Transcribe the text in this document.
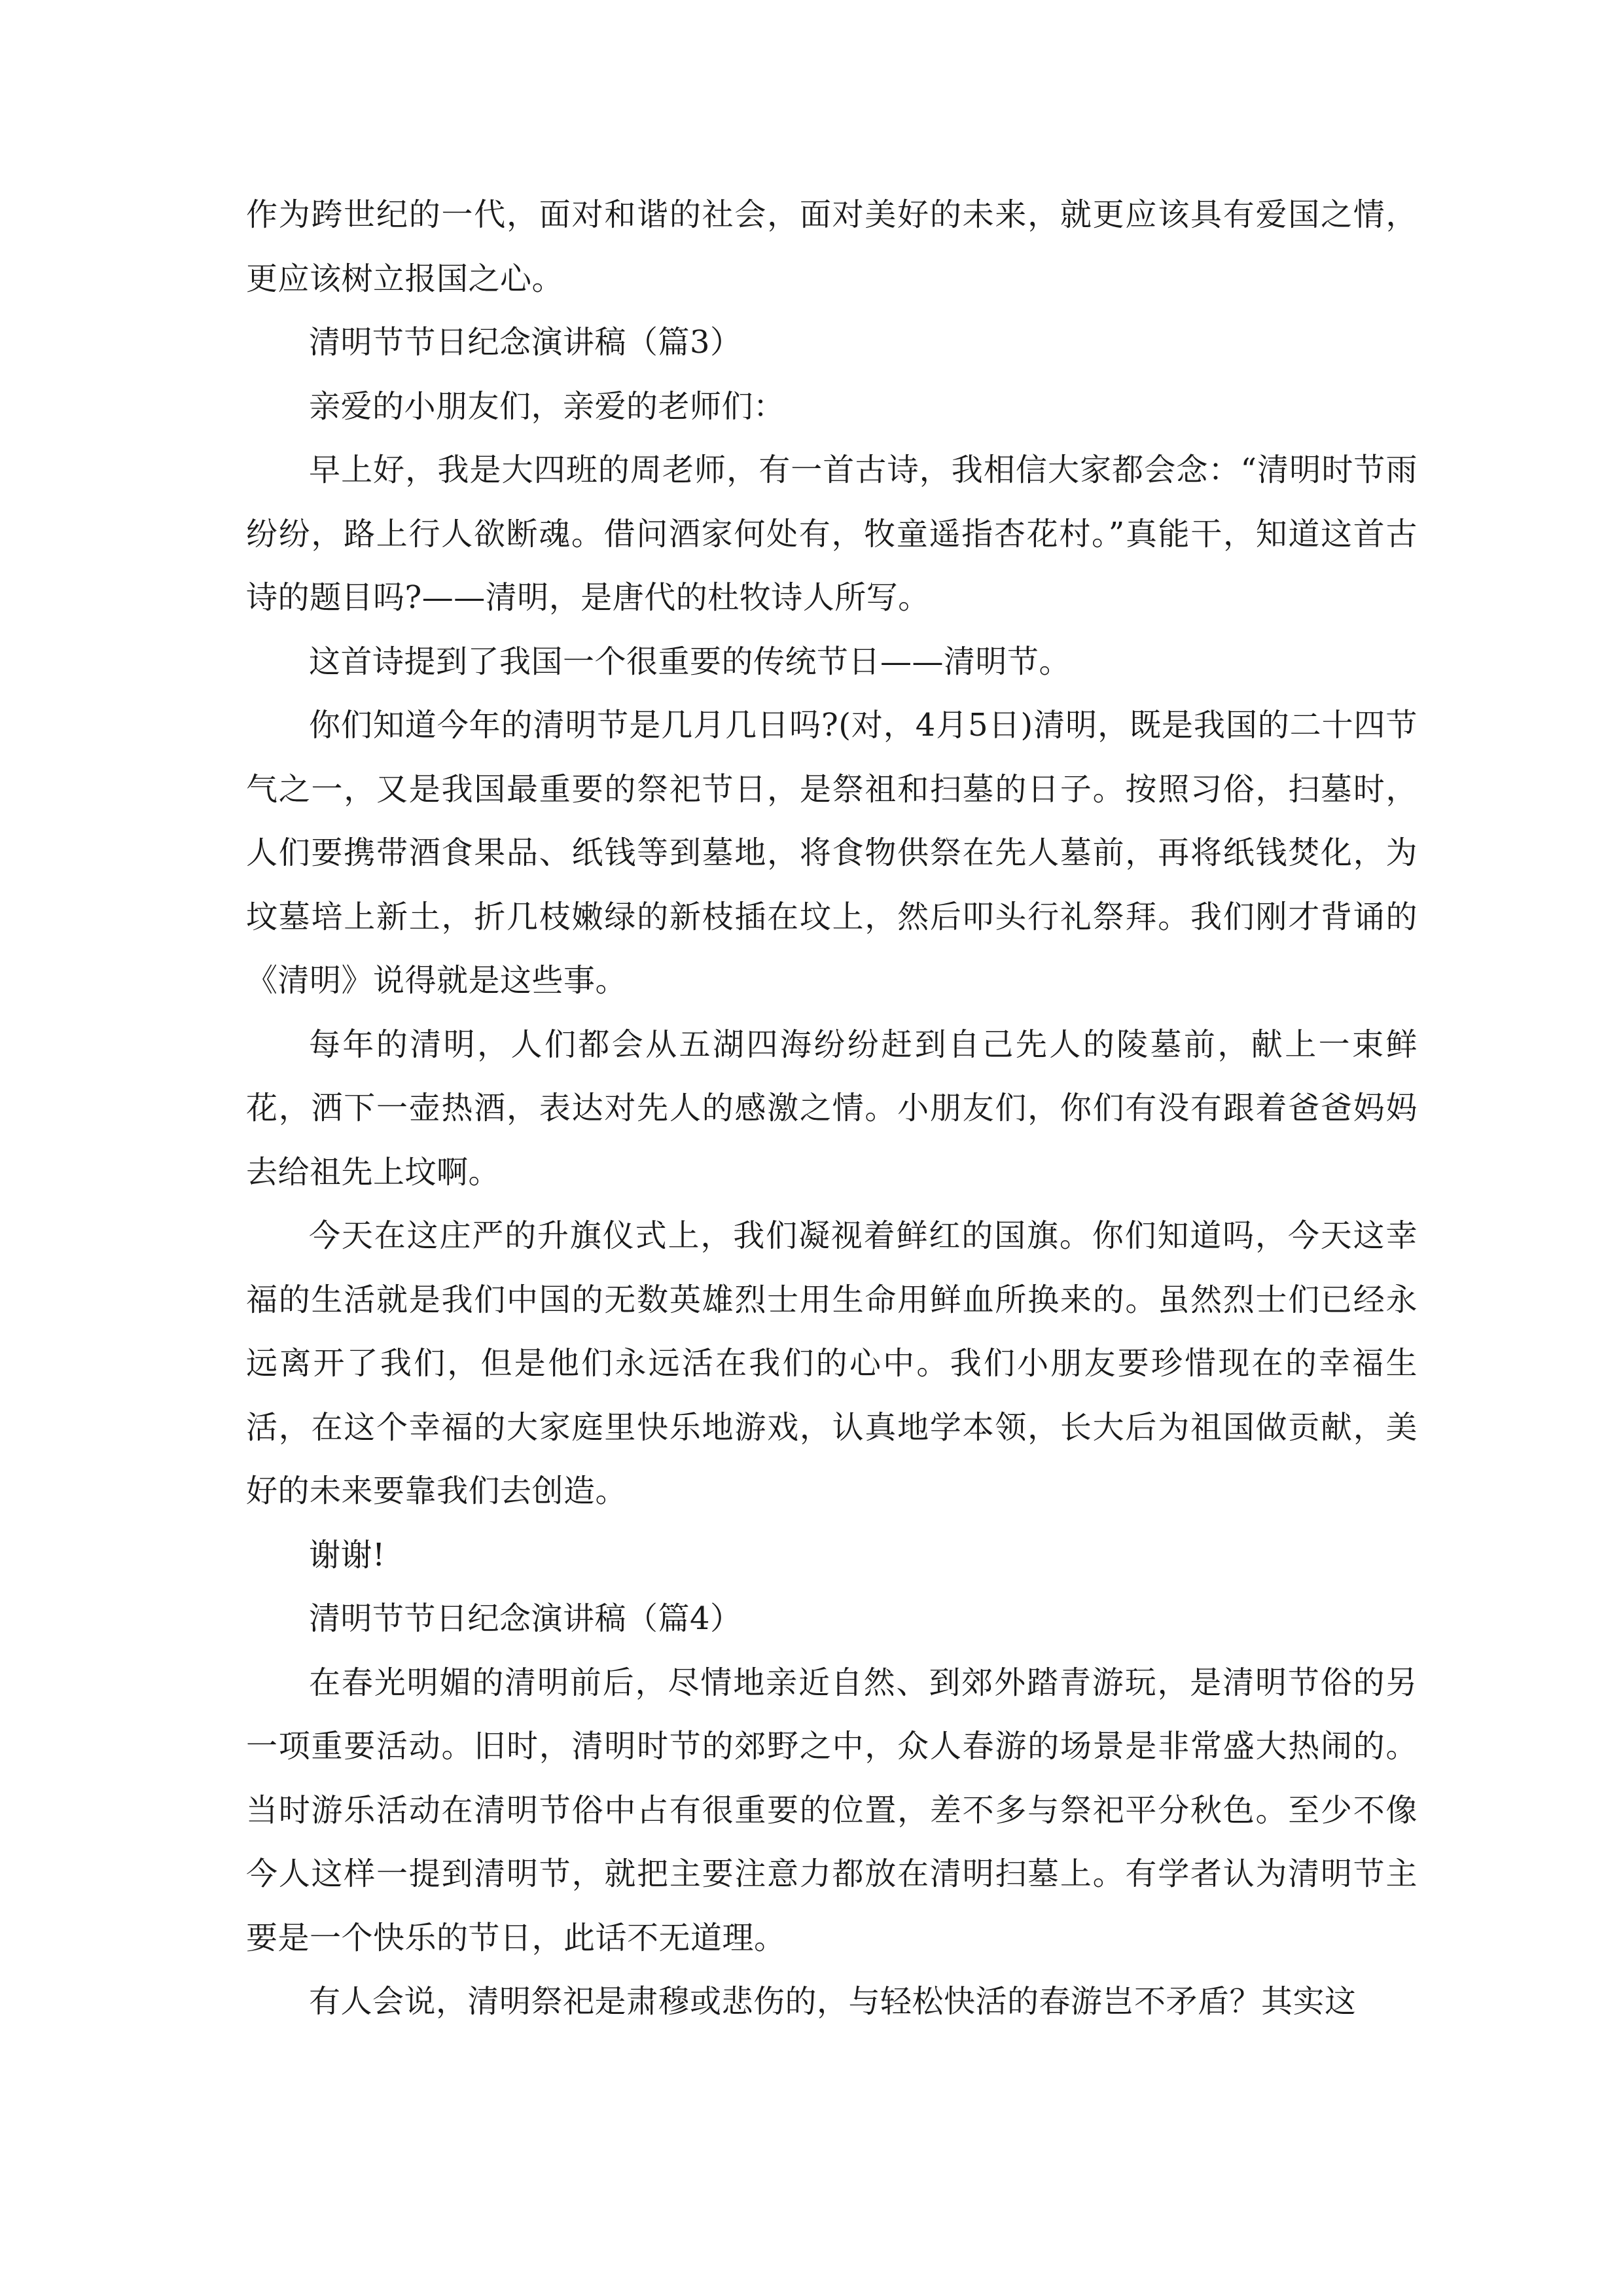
作为跨世纪的一代，面对和谐的社会，面对美好的未来，就更应该具有爱国之情，更应该树立报国之心。

清明节节日纪念演讲稿（篇3）

亲爱的小朋友们，亲爱的老师们：

早上好，我是大四班的周老师，有一首古诗，我相信大家都会念：“清明时节雨纷纷，路上行人欲断魂。借问酒家何处有，牧童遥指杏花村。”真能干，知道这首古诗的题目吗?——清明，是唐代的杜牧诗人所写。

这首诗提到了我国一个很重要的传统节日——清明节。

你们知道今年的清明节是几月几日吗?(对，4月5日)清明，既是我国的二十四节气之一，又是我国最重要的祭祀节日，是祭祖和扫墓的日子。按照习俗，扫墓时，人们要携带酒食果品、纸钱等到墓地，将食物供祭在先人墓前，再将纸钱焚化，为坟墓培上新土，折几枝嫩绿的新枝插在坟上，然后叩头行礼祭拜。我们刚才背诵的《清明》说得就是这些事。

每年的清明，人们都会从五湖四海纷纷赶到自己先人的陵墓前，献上一束鲜花，洒下一壶热酒，表达对先人的感激之情。小朋友们，你们有没有跟着爸爸妈妈去给祖先上坟啊。

今天在这庄严的升旗仪式上，我们凝视着鲜红的国旗。你们知道吗，今天这幸福的生活就是我们中国的无数英雄烈士用生命用鲜血所换来的。虽然烈士们已经永远离开了我们，但是他们永远活在我们的心中。我们小朋友要珍惜现在的幸福生活，在这个幸福的大家庭里快乐地游戏，认真地学本领，长大后为祖国做贡献，美好的未来要靠我们去创造。

谢谢!

清明节节日纪念演讲稿（篇4）

在春光明媚的清明前后，尽情地亲近自然、到郊外踏青游玩，是清明节俗的另一项重要活动。旧时，清明时节的郊野之中，众人春游的场景是非常盛大热闹的。当时游乐活动在清明节俗中占有很重要的位置，差不多与祭祀平分秋色。至少不像今人这样一提到清明节，就把主要注意力都放在清明扫墓上。有学者认为清明节主要是一个快乐的节日，此话不无道理。

有人会说，清明祭祀是肃穆或悲伤的，与轻松快活的春游岂不矛盾？其实这
